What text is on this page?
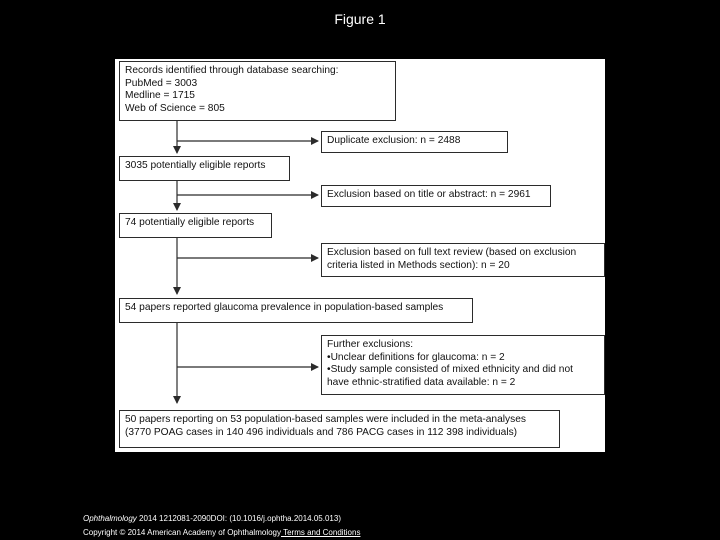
Figure 1
Records identified through database searching:
PubMed = 3003
Medline = 1715
Web of Science = 805
Duplicate exclusion: n = 2488
3035 potentially eligible reports
Exclusion based on title or abstract: n = 2961
74 potentially eligible reports
Exclusion based on full text review (based on exclusion
criteria listed in Methods section): n = 20
54 papers reported glaucoma prevalence in population-based samples
Further exclusions:
•Unclear definitions for glaucoma: n = 2
•Study sample consisted of mixed ethnicity and did not
have ethnic-stratified data available: n = 2
50 papers reporting on 53 population-based samples were included in the meta-analyses
(3770 POAG cases in 140 496 individuals and 786 PACG cases in 112 398 individuals)
Ophthalmology 2014 1212081-2090DOI: (10.1016/j.ophtha.2014.05.013)
Copyright © 2014 American Academy of Ophthalmology Terms and Conditions
